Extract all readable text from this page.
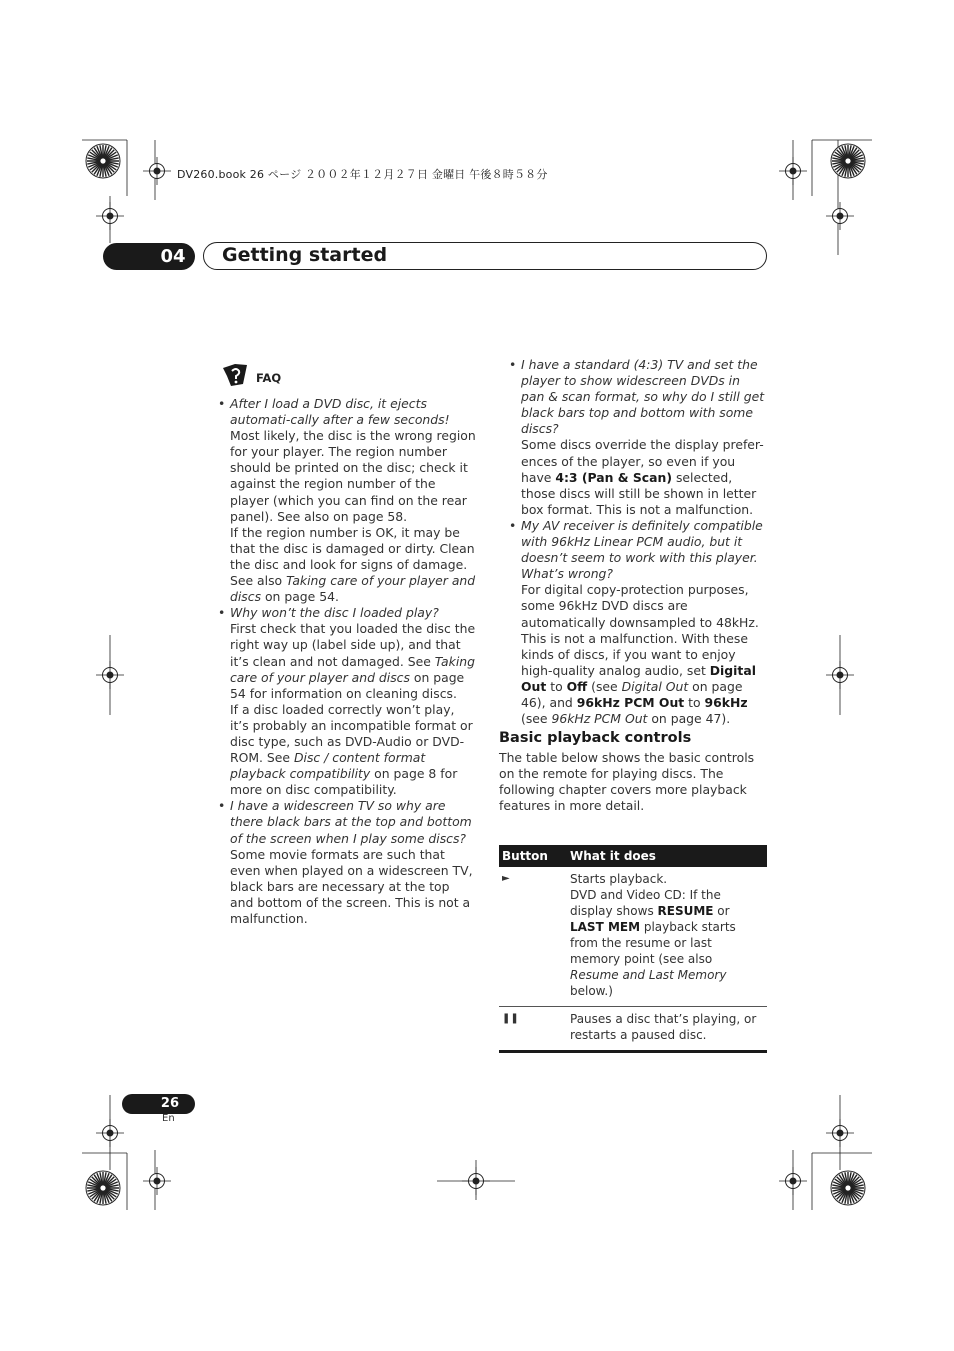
DV260.book 26 ページ ２００２年１２月２７日 金曜日 午後８時５８分
04	Getting started
FAQ

• After I load a DVD disc, it ejects automati-cally after a few seconds!

Most likely, the disc is the wrong region for your player. The region number should be printed on the disc; check it against the region number of the player (which you can find on the rear panel). See also on page 58.

If the region number is OK, it may be that the disc is damaged or dirty. Clean the disc and look for signs of damage. See also Taking care of your player and discs on page 54.

• Why won’t the disc I loaded play?

First check that you loaded the disc the right way up (label side up), and that it’s clean and not damaged. See Taking care of your player and discs on page 54 for information on cleaning discs.

If a disc loaded correctly won’t play, it’s probably an incompatible format or disc type, such as DVD-Audio or DVD-ROM. See Disc / content format playback compatibility on page 8 for more on disc compatibility.

• I have a widescreen TV so why are there black bars at the top and bottom of the screen when I play some discs?

Some movie formats are such that even when played on a widescreen TV, black bars are necessary at the top and bottom of the screen. This is not a malfunction.

• I have a standard (4:3) TV and set the player to show widescreen DVDs in pan & scan format, so why do I still get black bars top and bottom with some discs?

Some discs override the display prefer-ences of the player, so even if you have 4:3 (Pan & Scan) selected, those discs will still be shown in letter box format. This is not a malfunction.

• My AV receiver is definitely compatible with 96kHz Linear PCM audio, but it doesn’t seem to work with this player. What’s wrong?

For digital copy-protection purposes, some 96kHz DVD discs are automatically downsampled to 48kHz. This is not a malfunction. With these kinds of discs, if you want to enjoy high-quality analog audio, set Digital Out to Off (see Digital Out on page 46), and 96kHz PCM Out to 96kHz (see 96kHz PCM Out on page 47).

Basic playback controls
The table below shows the basic controls on the remote for playing discs. The following chapter covers more playback features in more detail.
Button	What it does
►	Starts playback.
DVD and Video CD: If the display shows RESUME or LAST MEM playback starts from the resume or last memory point (see also Resume and Last Memory below.)

❚❚	Pauses a disc that’s playing, or restarts a paused disc.
26
En
